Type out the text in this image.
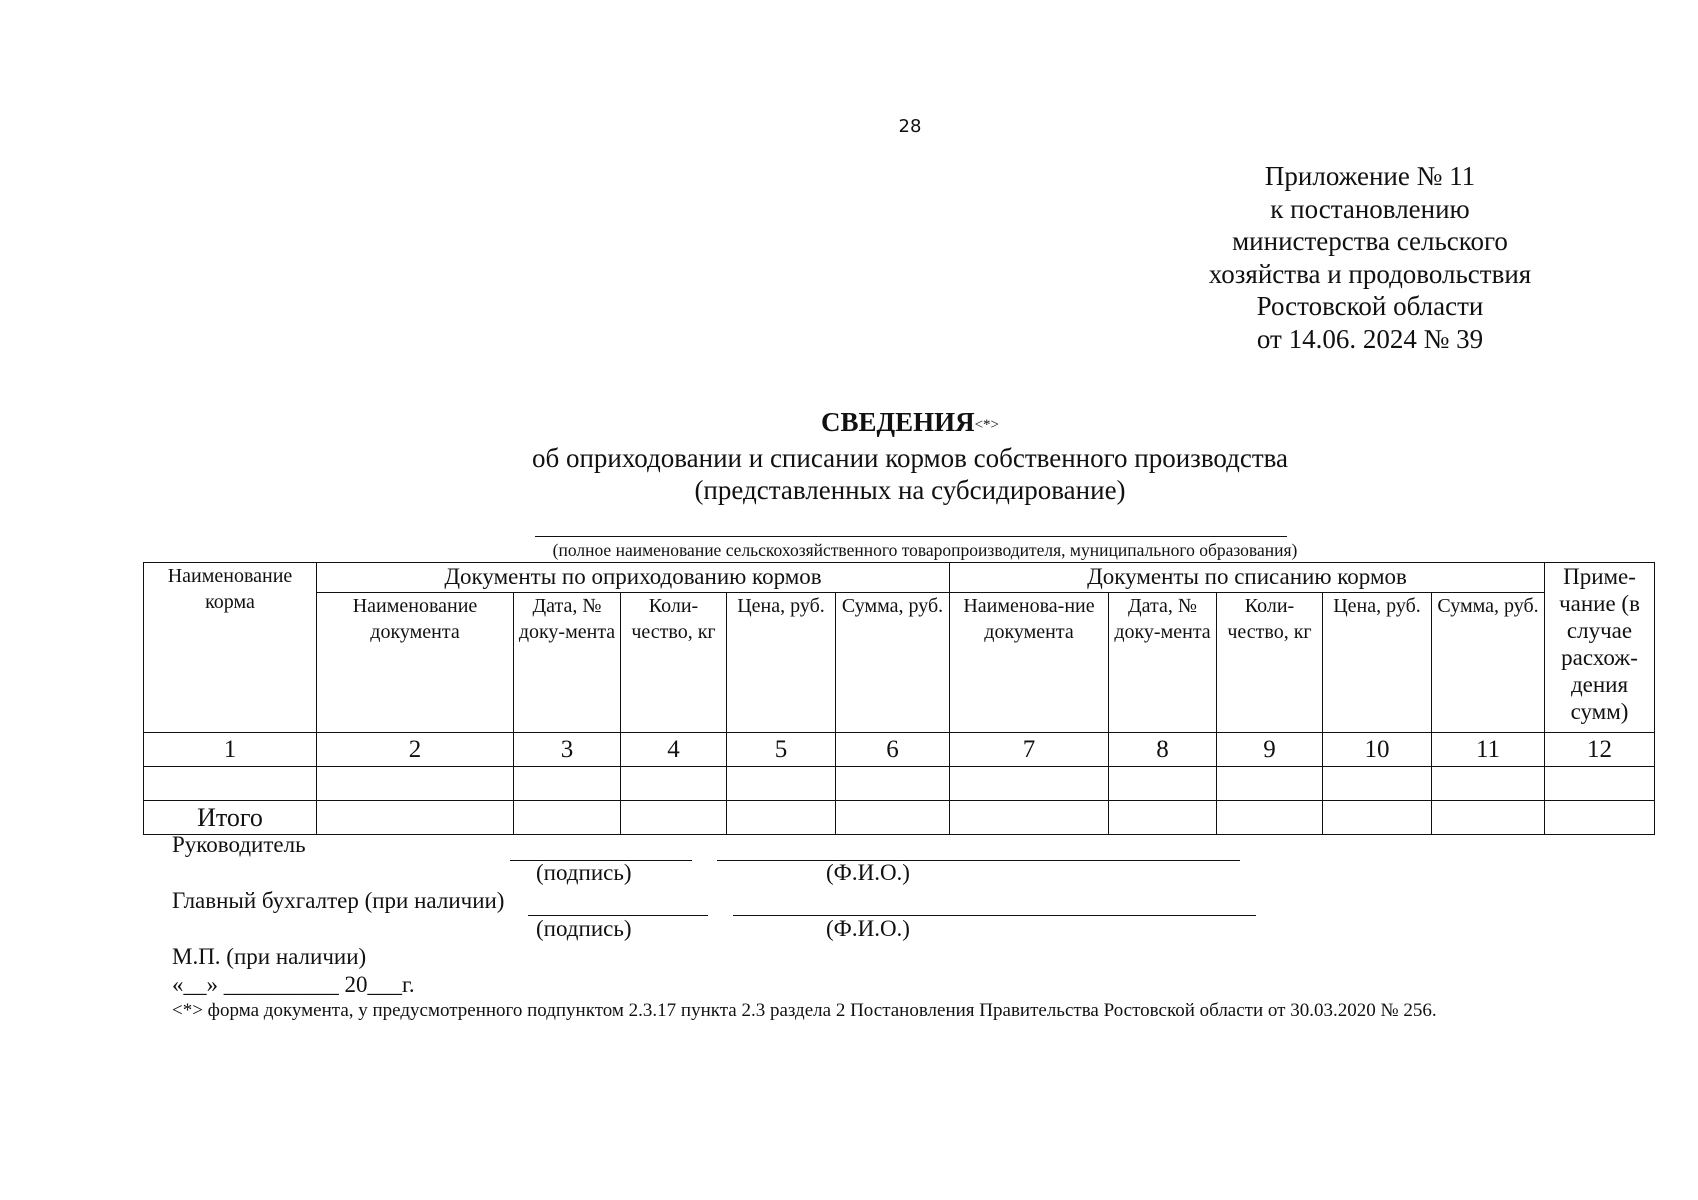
28
Приложение № 11
к постановлению
министерства сельского
хозяйства и продовольствия
Ростовской области
от 14.06. 2024 № 39
СВЕДЕНИЯ<*>
об оприходовании и списании кормов собственного производства
(представленных на субсидирование)
(полное наименование сельскохозяйственного товаропроизводителя, муниципального образования)
Наименование корма	Документы по оприходованию кормов					Документы по списанию кормов					Приме-чание (в случае расхож-дения сумм)
	Наименование документа	Дата, № доку-мента	Коли-чество, кг	Цена, руб.	Сумма, руб.	Наименова-ние документа	Дата, № доку-мента	Коли-чество, кг	Цена, руб.	Сумма, руб.	
1	2	3	4	5	6	7	8	9	10	11	12

Итого											
Руководитель
(подпись)	(Ф.И.О.)
Главный бухгалтер (при наличии)
(подпись)	(Ф.И.О.)
М.П. (при наличии)
«__» __________ 20___г.
<*> форма документа, у предусмотренного подпунктом 2.3.17 пункта 2.3 раздела 2 Постановления Правительства Ростовской области от 30.03.2020 № 256.
